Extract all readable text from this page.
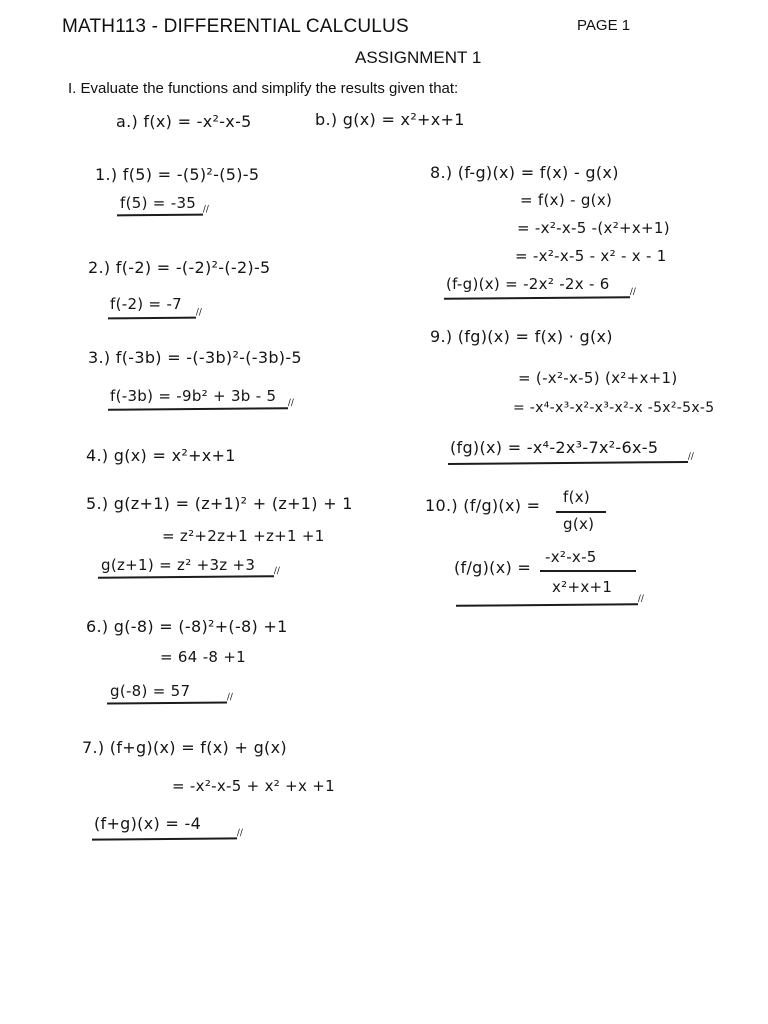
MATH113 - DIFFERENTIAL CALCULUS	PAGE 1
ASSIGNMENT 1
I. Evaluate the functions and simplify the results given that:
a.) f(x) = -x²-x-5	b.) g(x) = x²+x+1
1.) f(5) = -(5)²-(5)-5
f(5) = -35
//
2.) f(-2) = -(-2)²-(-2)-5
f(-2) = -7
//
3.) f(-3b) = -(-3b)²-(-3b)-5
f(-3b) = -9b² + 3b - 5
//
4.) g(x) = x²+x+1
5.) g(z+1) = (z+1)² + (z+1) + 1
= z²+2z+1 +z+1 +1
g(z+1) = z² +3z +3
//
6.) g(-8) = (-8)²+(-8) +1
= 64 -8 +1
g(-8) = 57
//
7.) (f+g)(x) = f(x) + g(x)
= -x²-x-5 + x² +x +1
(f+g)(x) = -4
//
8.) (f-g)(x) = f(x) - g(x)
= f(x) - g(x)
= -x²-x-5 -(x²+x+1)
= -x²-x-5 - x² - x - 1
(f-g)(x) = -2x² -2x - 6
//
9.) (fg)(x) = f(x) · g(x)
= (-x²-x-5) (x²+x+1)
= -x⁴-x³-x²-x³-x²-x -5x²-5x-5
(fg)(x) = -x⁴-2x³-7x²-6x-5
//
10.) (f/g)(x) = f(x)
g(x)
(f/g)(x) =
-x²-x-5
x²+x+1
//
